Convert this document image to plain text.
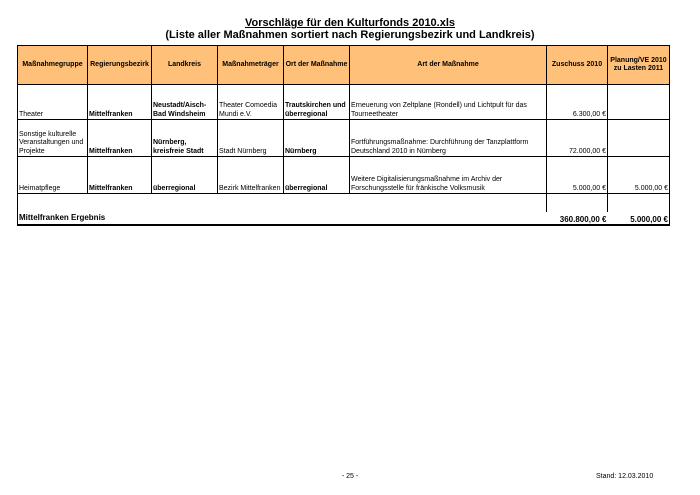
Vorschläge für den Kulturfonds 2010.xls
(Liste aller Maßnahmen sortiert nach Regierungsbezirk und Landkreis)
Maßnahmegruppe	Regierungsbezirk	Landkreis	Maßnahmeträger	Ort der Maßnahme	Art der Maßnahme	Zuschuss 2010	Planung/VE 2010 zu Lasten 2011
Theater	Mittelfranken	Neustadt/Aisch-Bad Windsheim	Theater Comoedia Mundi e.V.	Trautskirchen und überregional	Erneuerung von Zeltplane (Rondell) und Lichtpult für das Tourneetheater	6.300,00 €	
Sonstige kulturelle Veranstaltungen und Projekte	Mittelfranken	Nürnberg, kreisfreie Stadt	Stadt Nürnberg	Nürnberg	Fortführungsmaßnahme: Durchführung der Tanzplattform Deutschland 2010 in Nürnberg	72.000,00 €	
Heimatpflege	Mittelfranken	überregional	Bezirk Mittelfranken	überregional	Weitere Digitalisierungsmaßnahme im Archiv der Forschungsstelle für fränkische Volksmusik	5.000,00 €	5.000,00 €

Mittelfranken Ergebnis						360.800,00 €	5.000,00 €
- 25 -	Stand: 12.03.2010
